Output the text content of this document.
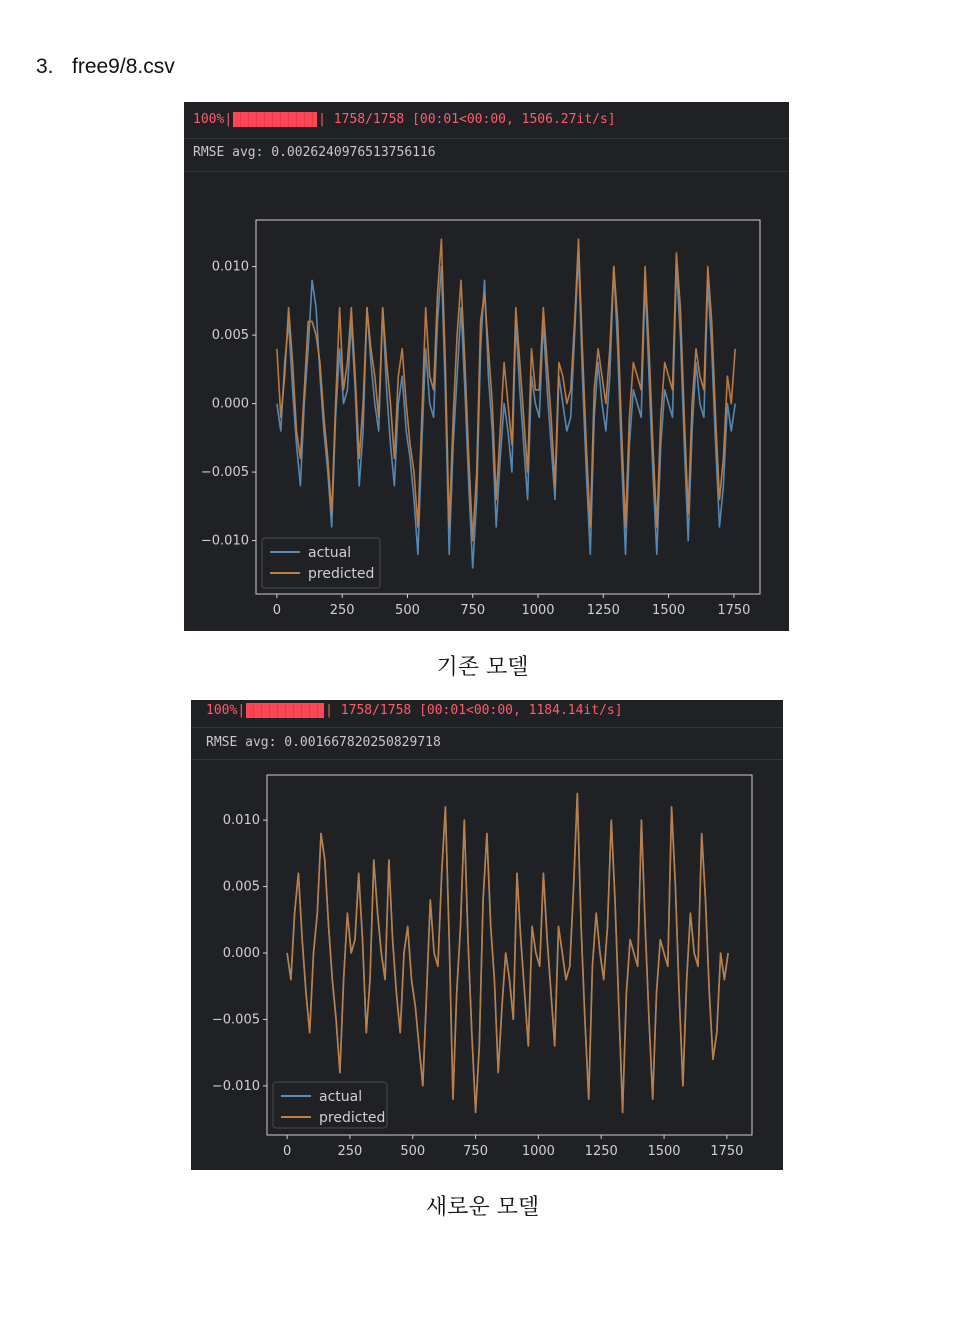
3. free9/8.csv
100% |	| 1758/1758 [00:01<00:00, 1506.27it/s]
RMSE avg: 0.0026240976513756116
0	250	500	750	1000 1250 1500 1750
0.010
0.005
0.000
−0.005
−0.010
actual
predicted
기존 모델
100% |	| 1758/1758 [00:01<00:00, 1184.14it/s]
RMSE avg: 0.001667820250829718
0	250	500	750	1000 1250 1500 1750
0.010
0.005
0.000
−0.005
−0.010
actual
predicted
새로운 모델
